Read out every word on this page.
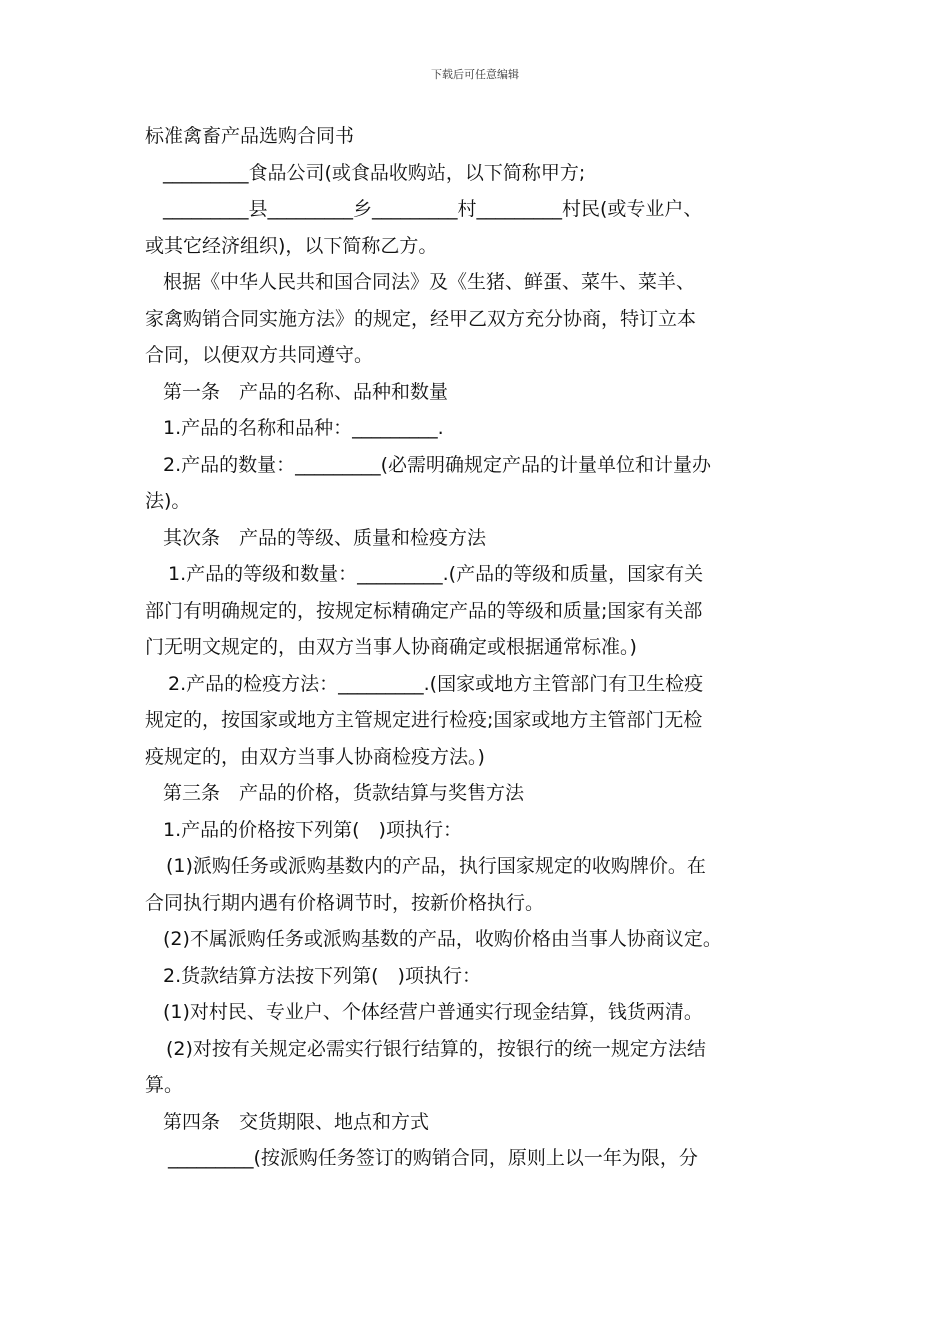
下载后可任意编辑
标准禽畜产品选购合同书
_________食品公司(或食品收购站，以下简称甲方;
_________县_________乡_________村_________村民(或专业户、
或其它经济组织)，以下简称乙方。
根据《中华人民共和国合同法》及《生猪、鲜蛋、菜牛、菜羊、
家禽购销合同实施方法》的规定，经甲乙双方充分协商，特订立本
合同，以便双方共同遵守。
第一条　产品的名称、品种和数量
1.产品的名称和品种：_________.
2.产品的数量：_________(必需明确规定产品的计量单位和计量办
法)。
其次条　产品的等级、质量和检疫方法
1.产品的等级和数量：_________.(产品的等级和质量，国家有关
部门有明确规定的，按规定标精确定产品的等级和质量;国家有关部
门无明文规定的，由双方当事人协商确定或根据通常标准。)
2.产品的检疫方法：_________.(国家或地方主管部门有卫生检疫
规定的，按国家或地方主管规定进行检疫;国家或地方主管部门无检
疫规定的，由双方当事人协商检疫方法。)
第三条　产品的价格，货款结算与奖售方法
1.产品的价格按下列第(　)项执行：
(1)派购任务或派购基数内的产品，执行国家规定的收购牌价。在
合同执行期内遇有价格调节时，按新价格执行。
(2)不属派购任务或派购基数的产品，收购价格由当事人协商议定。
2.货款结算方法按下列第(　)项执行：
(1)对村民、专业户、个体经营户普通实行现金结算，钱货两清。
(2)对按有关规定必需实行银行结算的，按银行的统一规定方法结
算。
第四条　交货期限、地点和方式
_________(按派购任务签订的购销合同，原则上以一年为限，分
